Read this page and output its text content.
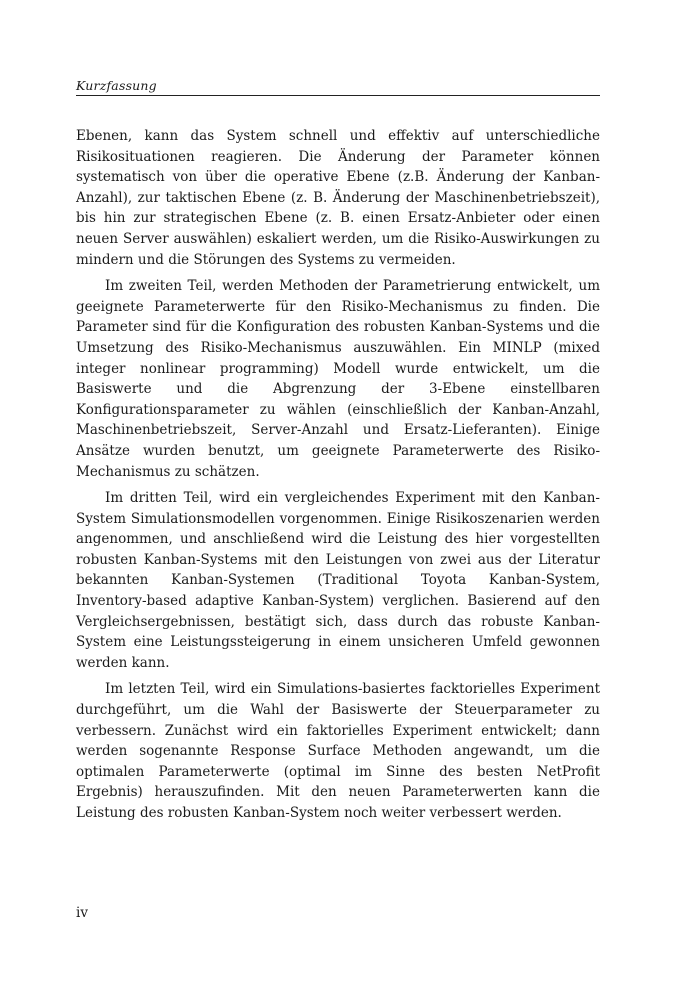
Kurzfassung

Ebenen, kann das System schnell und effektiv auf unterschiedliche Risikosituationen reagieren. Die Änderung der Parameter können systematisch von über die operative Ebene (z.B. Änderung der Kanban-Anzahl), zur taktischen Ebene (z. B. Änderung der Maschinenbetriebszeit), bis hin zur strategischen Ebene (z. B. einen Ersatz-Anbieter oder einen neuen Server auswählen) eskaliert werden, um die Risiko-Auswirkungen zu mindern und die Störungen des Systems zu vermeiden.

Im zweiten Teil, werden Methoden der Parametrierung entwickelt, um geeignete Parameterwerte für den Risiko-Mechanismus zu finden. Die Parameter sind für die Konfiguration des robusten Kanban-Systems und die Umsetzung des Risiko-Mechanismus auszuwählen. Ein MINLP (mixed integer nonlinear programming) Modell wurde entwickelt, um die Basiswerte und die Abgrenzung der 3-Ebene einstellbaren Konfigurationsparameter zu wählen (einschließlich der Kanban-Anzahl, Maschinenbetriebszeit, Server-Anzahl und Ersatz-Lieferanten). Einige Ansätze wurden benutzt, um geeignete Parameterwerte des Risiko-Mechanismus zu schätzen.

Im dritten Teil, wird ein vergleichendes Experiment mit den Kanban-System Simulationsmodellen vorgenommen. Einige Risikoszenarien werden angenommen, und anschließend wird die Leistung des hier vorgestellten robusten Kanban-Systems mit den Leistungen von zwei aus der Literatur bekannten Kanban-Systemen (Traditional Toyota Kanban-System, Inventory-based adaptive Kanban-System) verglichen. Basierend auf den Vergleichsergebnissen, bestätigt sich, dass durch das robuste Kanban-System eine Leistungssteigerung in einem unsicheren Umfeld gewonnen werden kann.

Im letzten Teil, wird ein Simulations-basiertes facktorielles Experiment durchgeführt, um die Wahl der Basiswerte der Steuerparameter zu verbessern. Zunächst wird ein faktorielles Experiment entwickelt; dann werden sogenannte Response Surface Methoden angewandt, um die optimalen Parameterwerte (optimal im Sinne des besten NetProfit Ergebnis) herauszufinden. Mit den neuen Parameterwerten kann die Leistung des robusten Kanban-System noch weiter verbessert werden.

iv
